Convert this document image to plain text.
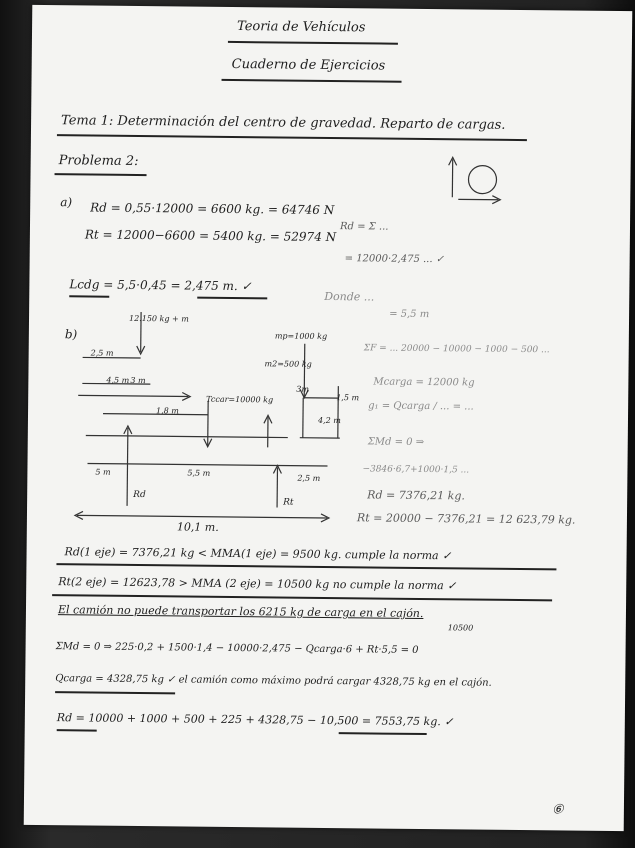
Teoria de Vehículos
Cuaderno de Ejercicios
Tema 1: Determinación del centro de gravedad. Reparto de cargas.
Problema 2:
a) Rd = 0,55·12000 = 6600 kg. = 64746 N
Rt = 12000−6600 = 5400 kg. = 52974 N
Lcdg = 5,5·0,45 = 2,475 m. ✓
Rd = Σ ...
= 12000·2,475 ... ✓
Donde ...
= 5,5 m
ΣF = ... 20000 − 10000 − 1000 − 500 ...
Mcarga = 12000 kg
g₁ = Qcarga / ... = ...
ΣMd = 0 ⇒
−3846·6,7+1000·1,5 ...
Rd = 7376,21 kg.
Rt = 20000 − 7376,21 = 12 623,79 kg.
b)
12.150 kg + m
mp=1000 kg
m2=500 kg
2,5 m
4,5 m 3 m
1,8 m
Tccar=10000 kg
3m
4,2 m
1,5 m
5 m	5,5 m
2,5 m
Rd
Rt
10,1 m.
Rd(1 eje) = 7376,21 kg < MMA(1 eje) = 9500 kg. cumple la norma ✓
Rt(2 eje) = 12623,78 > MMA (2 eje) = 10500 kg no cumple la norma ✓
El camión no puede transportar los 6215 kg de carga en el cajón.
10500
ΣMd = 0 ⇒ 225·0,2 + 1500·1,4 − 10000·2,475 − Qcarga·6 + Rt·5,5 = 0
Qcarga = 4328,75 kg ✓ el camión como máximo podrá cargar 4328,75 kg en el cajón.
Rd = 10000 + 1000 + 500 + 225 + 4328,75 − 10,500 = 7553,75 kg. ✓
⑥
